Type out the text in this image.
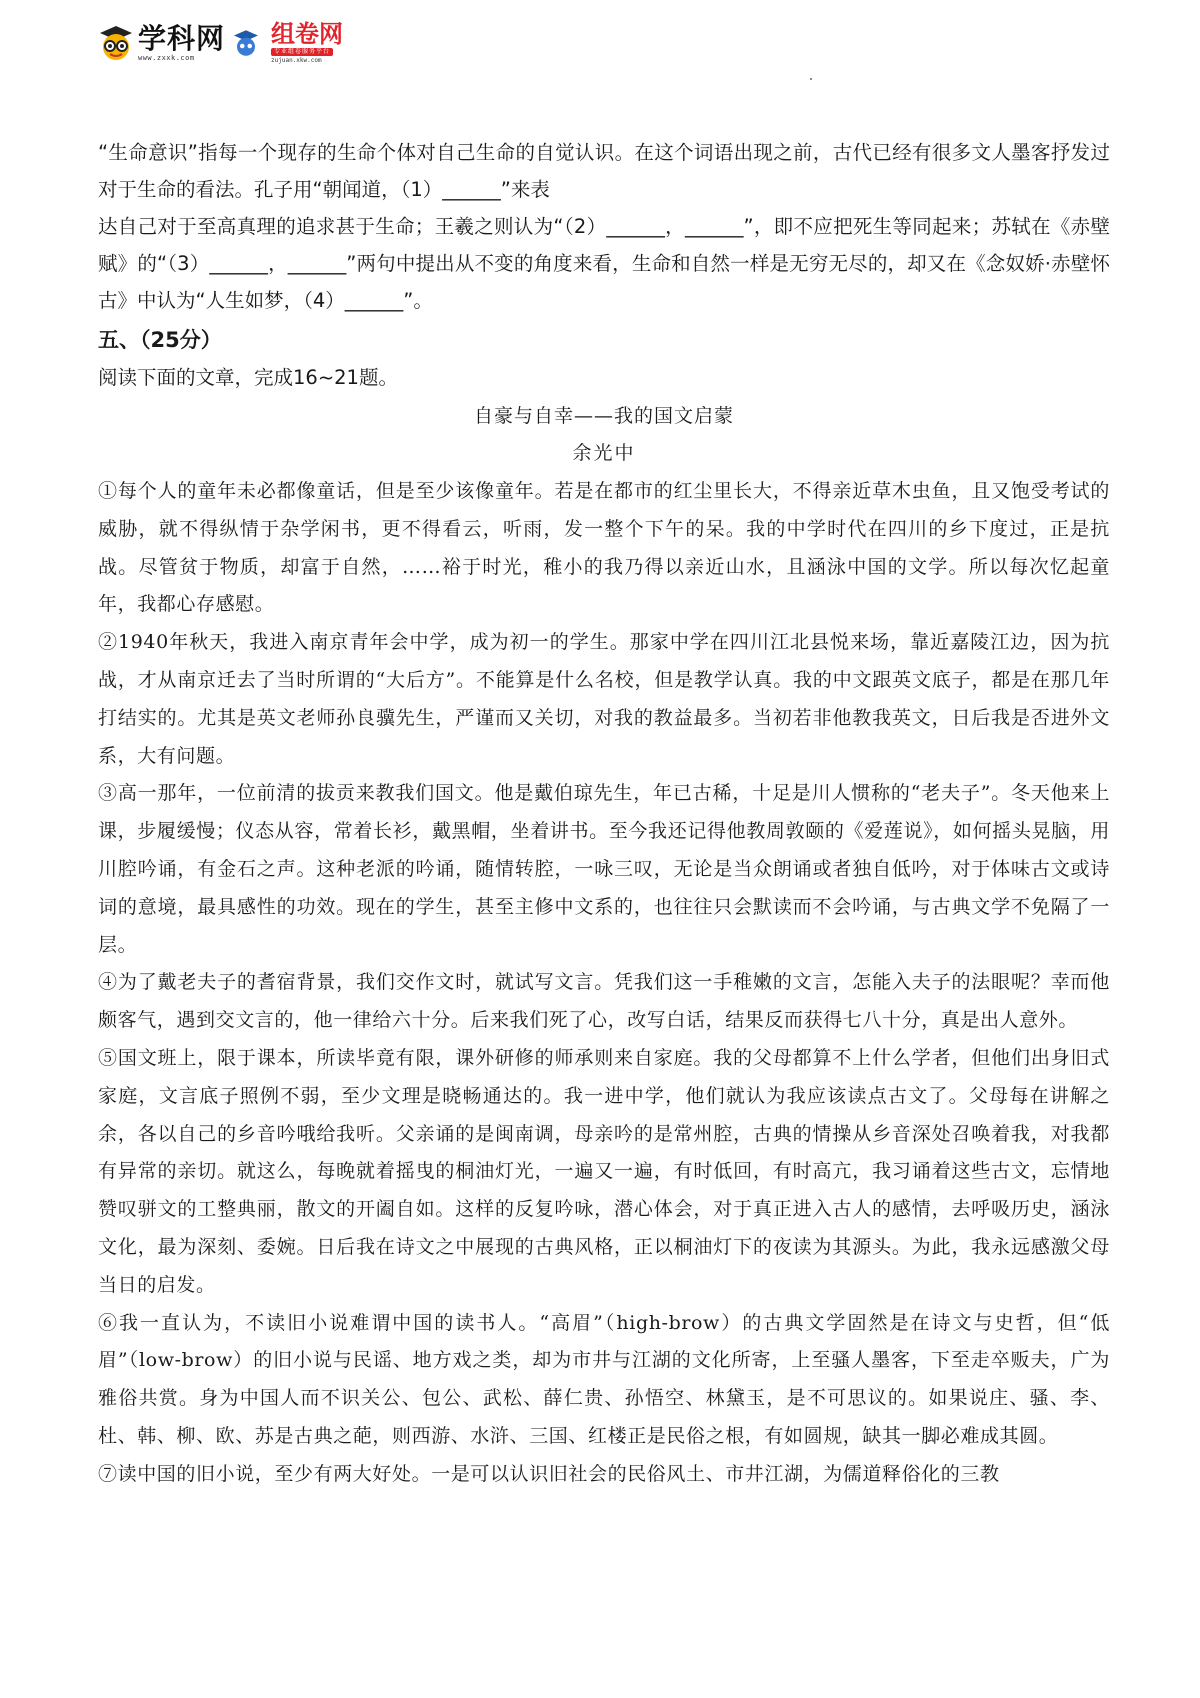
学科网
www.zxxk.com
组卷网
专业组卷服务平台
zujuan.xkw.com

“生命意识”指每一个现存的生命个体对自己生命的自觉认识。在这个词语出现之前，古代已经有很多文人墨客抒发过对于生命的看法。孔子用“朝闻道，（1）______”来表

达自己对于至高真理的追求甚于生命；王羲之则认为“（2）______，______”，即不应把死生等同起来；苏轼在《赤壁赋》的“（3）______，______”两句中提出从不变的角度来看，生命和自然一样是无穷无尽的，却又在《念奴娇·赤壁怀古》中认为“人生如梦，（4）______”。

五、（25分）

阅读下面的文章，完成16~21题。

自豪与自幸——我的国文启蒙

余光中

①每个人的童年未必都像童话，但是至少该像童年。若是在都市的红尘里长大，不得亲近草木虫鱼，且又饱受考试的威胁，就不得纵情于杂学闲书，更不得看云，听雨，发一整个下午的呆。我的中学时代在四川的乡下度过，正是抗战。尽管贫于物质，却富于自然，……裕于时光，稚小的我乃得以亲近山水，且涵泳中国的文学。所以每次忆起童年，我都心存感慰。

②1940年秋天，我进入南京青年会中学，成为初一的学生。那家中学在四川江北县悦来场，靠近嘉陵江边，因为抗战，才从南京迁去了当时所谓的“大后方”。不能算是什么名校，但是教学认真。我的中文跟英文底子，都是在那几年打结实的。尤其是英文老师孙良骥先生，严谨而又关切，对我的教益最多。当初若非他教我英文，日后我是否进外文系，大有问题。

③高一那年，一位前清的拔贡来教我们国文。他是戴伯琼先生，年已古稀，十足是川人惯称的“老夫子”。冬天他来上课，步履缓慢；仪态从容，常着长衫，戴黑帽，坐着讲书。至今我还记得他教周敦颐的《爱莲说》，如何摇头晃脑，用川腔吟诵，有金石之声。这种老派的吟诵，随情转腔，一咏三叹，无论是当众朗诵或者独自低吟，对于体味古文或诗词的意境，最具感性的功效。现在的学生，甚至主修中文系的，也往往只会默读而不会吟诵，与古典文学不免隔了一层。

④为了戴老夫子的耆宿背景，我们交作文时，就试写文言。凭我们这一手稚嫩的文言，怎能入夫子的法眼呢？幸而他颇客气，遇到交文言的，他一律给六十分。后来我们死了心，改写白话，结果反而获得七八十分，真是出人意外。

⑤国文班上，限于课本，所读毕竟有限，课外研修的师承则来自家庭。我的父母都算不上什么学者，但他们出身旧式家庭，文言底子照例不弱，至少文理是晓畅通达的。我一进中学，他们就认为我应该读点古文了。父母每在讲解之余，各以自己的乡音吟哦给我听。父亲诵的是闽南调，母亲吟的是常州腔，古典的情操从乡音深处召唤着我，对我都有异常的亲切。就这么，每晚就着摇曳的桐油灯光，一遍又一遍，有时低回，有时高亢，我习诵着这些古文，忘情地赞叹骈文的工整典丽，散文的开阖自如。这样的反复吟咏，潜心体会，对于真正进入古人的感情，去呼吸历史，涵泳文化，最为深刻、委婉。日后我在诗文之中展现的古典风格，正以桐油灯下的夜读为其源头。为此，我永远感激父母当日的启发。

⑥我一直认为，不读旧小说难谓中国的读书人。“高眉”（high-brow）的古典文学固然是在诗文与史哲，但“低眉”（low-brow）的旧小说与民谣、地方戏之类，却为市井与江湖的文化所寄，上至骚人墨客，下至走卒贩夫，广为雅俗共赏。身为中国人而不识关公、包公、武松、薛仁贵、孙悟空、林黛玉，是不可思议的。如果说庄、骚、李、杜、韩、柳、欧、苏是古典之葩，则西游、水浒、三国、红楼正是民俗之根，有如圆规，缺其一脚必难成其圆。

⑦读中国的旧小说，至少有两大好处。一是可以认识旧社会的民俗风土、市井江湖，为儒道释俗化的三教
